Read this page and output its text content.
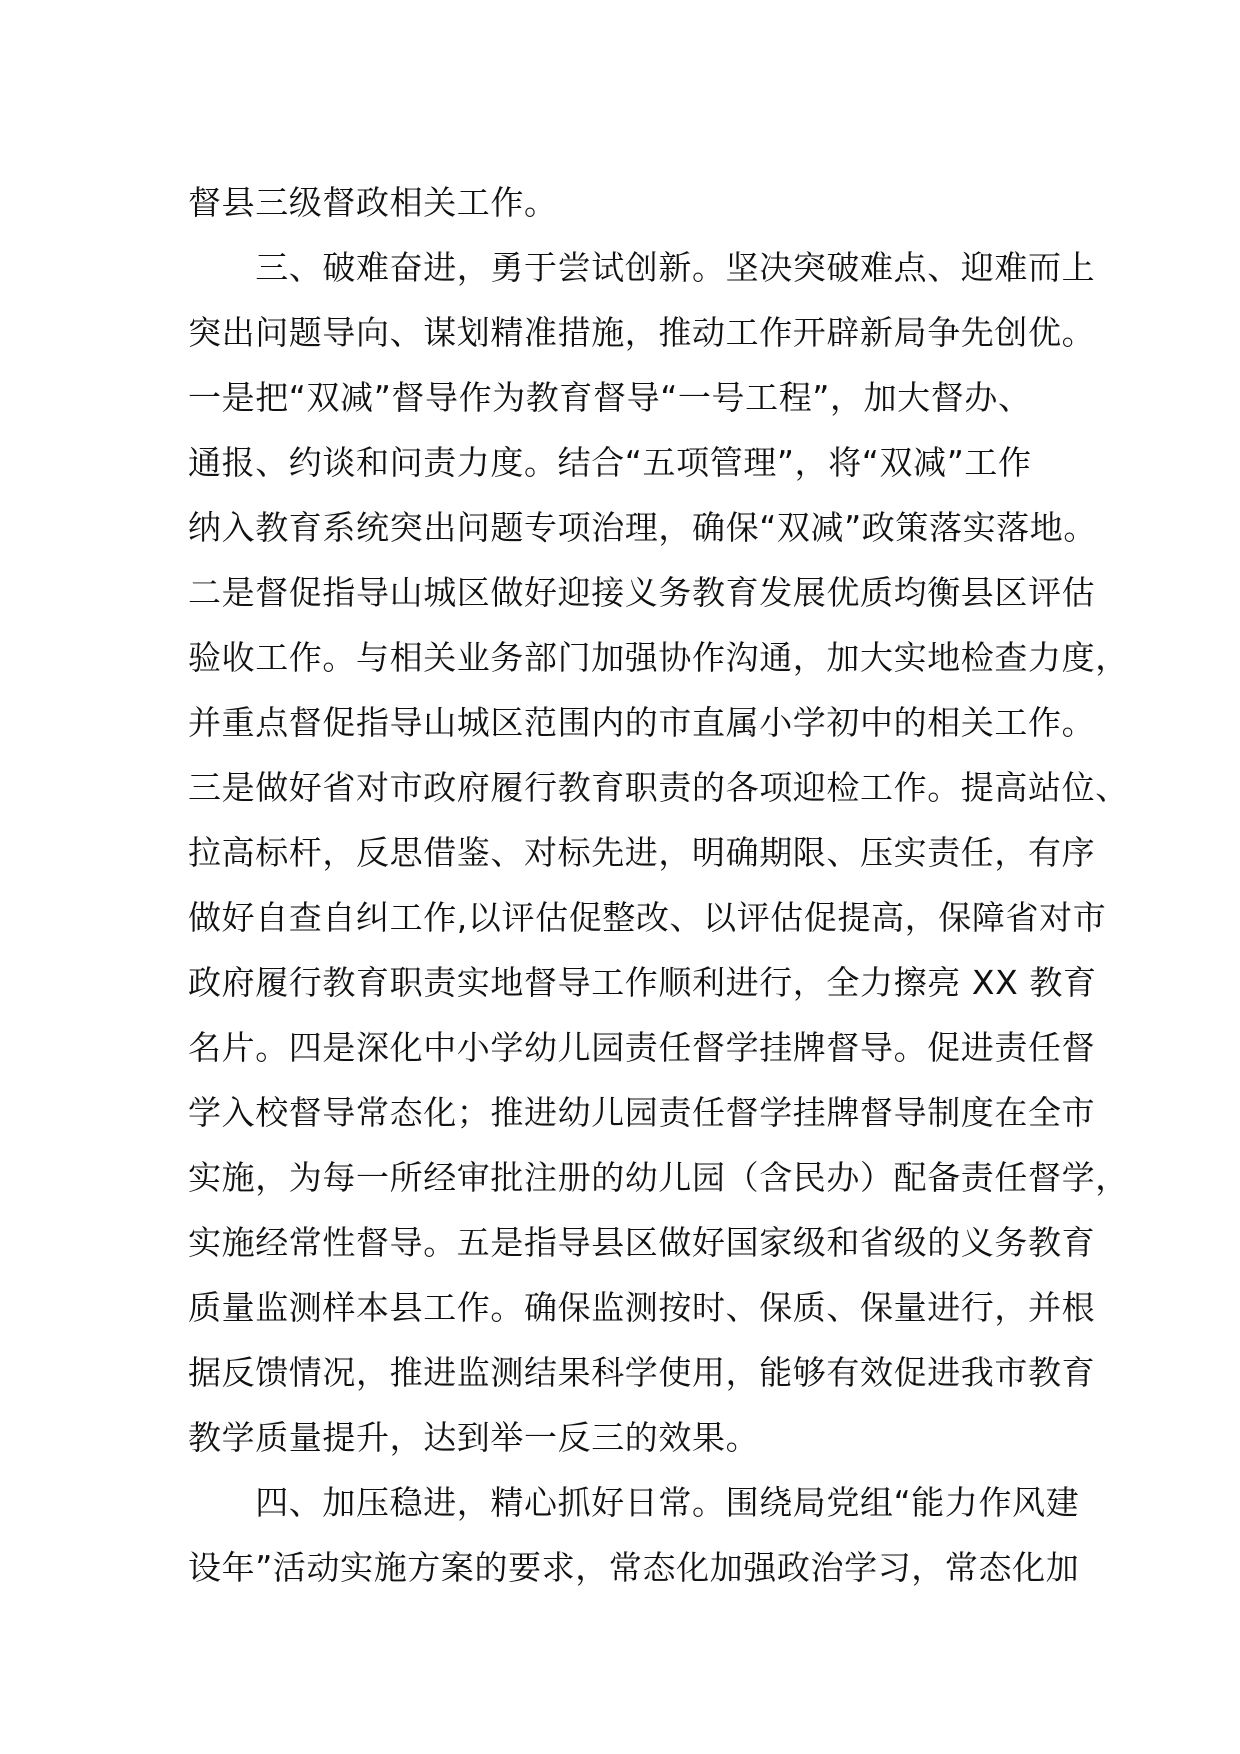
督县三级督政相关工作。
　　三、破难奋进，勇于尝试创新。坚决突破难点、迎难而上
突出问题导向、谋划精准措施，推动工作开辟新局争先创优。
一是把“双减”督导作为教育督导“一号工程”，加大督办、
通报、约谈和问责力度。结合“五项管理”，将“双减”工作
纳入教育系统突出问题专项治理，确保“双减”政策落实落地。
二是督促指导山城区做好迎接义务教育发展优质均衡县区评估
验收工作。与相关业务部门加强协作沟通，加大实地检查力度，
并重点督促指导山城区范围内的市直属小学初中的相关工作。
三是做好省对市政府履行教育职责的各项迎检工作。提高站位、
拉高标杆，反思借鉴、对标先进，明确期限、压实责任，有序
做好自查自纠工作,以评估促整改、以评估促提高，保障省对市
政府履行教育职责实地督导工作顺利进行，全力擦亮 XX 教育
名片。四是深化中小学幼儿园责任督学挂牌督导。促进责任督
学入校督导常态化；推进幼儿园责任督学挂牌督导制度在全市
实施，为每一所经审批注册的幼儿园（含民办）配备责任督学，
实施经常性督导。五是指导县区做好国家级和省级的义务教育
质量监测样本县工作。确保监测按时、保质、保量进行，并根
据反馈情况，推进监测结果科学使用，能够有效促进我市教育
教学质量提升，达到举一反三的效果。
　　四、加压稳进，精心抓好日常。围绕局党组“能力作风建
设年”活动实施方案的要求，常态化加强政治学习，常态化加
